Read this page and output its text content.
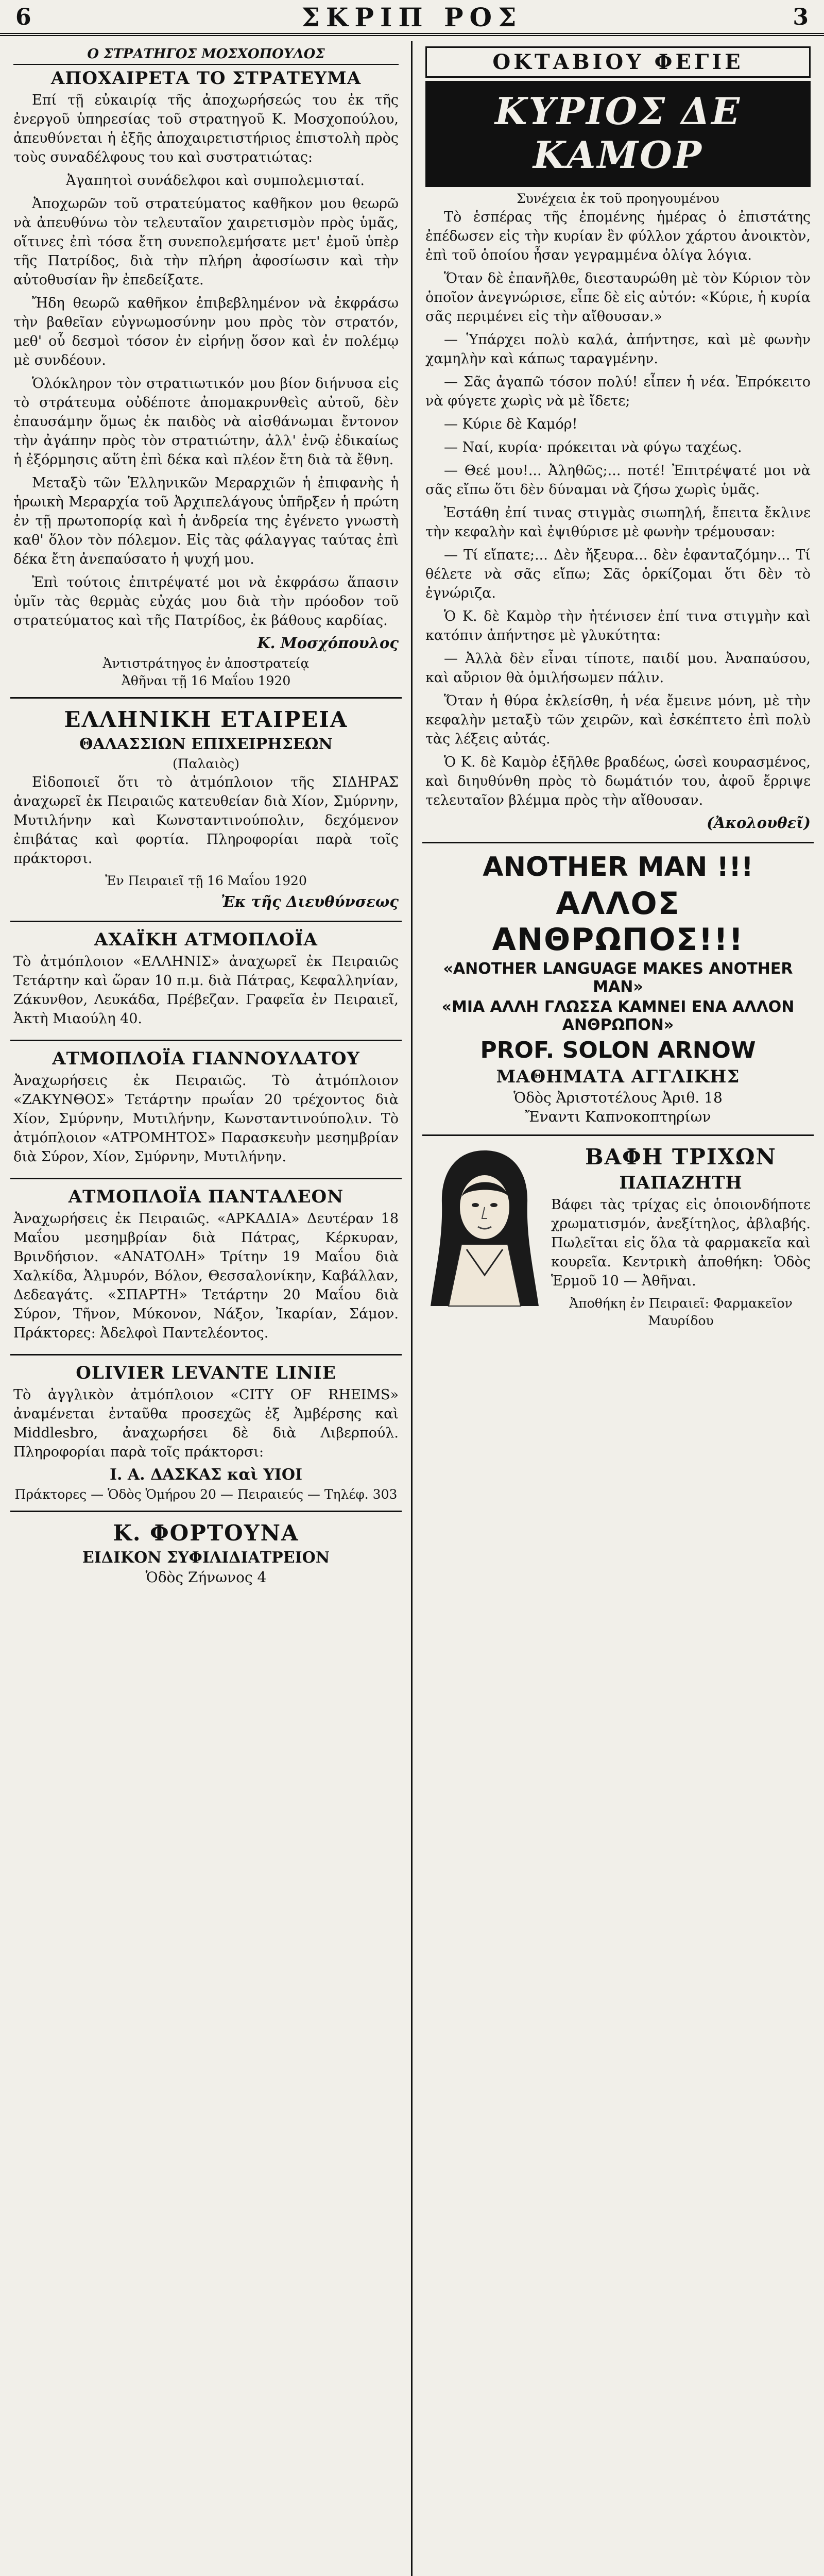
6	ΣΚΡΙΠ ΡΟΣ	3
Ο ΣΤΡΑΤΗΓΟΣ ΜΟΣΧΟΠΟΥΛΟΣ
ΑΠΟΧΑΙΡΕΤΑ ΤΟ ΣΤΡΑΤΕΥΜΑ

Επί τῇ εὐκαιρίᾳ τῆς ἀποχωρήσεώς του ἐκ τῆς ἐνεργοῦ ὑπηρεσίας τοῦ στρατηγοῦ Κ. Μοσχοπούλου, ἀπευθύνεται ἡ ἑξῆς ἀποχαιρετιστήριος ἐπιστολὴ πρὸς τοὺς συναδέλφους του καὶ συστρατιώτας:

Ἀγαπητοὶ συνάδελφοι καὶ συμπολεμισταί.

Ἀποχωρῶν τοῦ στρατεύματος καθῆκον μου θεωρῶ νὰ ἀπευθύνω τὸν τελευταῖον χαιρετισμὸν πρὸς ὑμᾶς, οἵτινες ἐπὶ τόσα ἔτη συνεπολεμήσατε μετ' ἐμοῦ ὑπὲρ τῆς Πατρίδος, διὰ τὴν πλήρη ἀφοσίωσιν καὶ τὴν αὐτοθυσίαν ἣν ἐπεδείξατε.

Ἤδη θεωρῶ καθῆκον ἐπιβεβλημένον νὰ ἐκφράσω τὴν βαθεῖαν εὐγνωμοσύνην μου πρὸς τὸν στρατόν, μεθ' οὗ δεσμοὶ τόσον ἐν εἰρήνῃ ὅσον καὶ ἐν πολέμῳ μὲ συνδέουν.

Ὁλόκληρον τὸν στρατιωτικόν μου βίον διήνυσα εἰς τὸ στράτευμα οὐδέποτε ἀπομακρυνθεὶς αὐτοῦ, δὲν ἐπαυσάμην ὅμως ἐκ παιδὸς νὰ αἰσθάνωμαι ἔντονον τὴν ἀγάπην πρὸς τὸν στρατιώτην, ἀλλ' ἐνῷ ἐδικαίως ἡ ἐξόρμησις αὕτη ἐπὶ δέκα καὶ πλέον ἔτη διὰ τὰ ἔθνη.

Μεταξὺ τῶν Ἑλληνικῶν Μεραρχιῶν ἡ ἐπιφανὴς ἡ ἡρωικὴ Μεραρχία τοῦ Ἀρχιπελάγους ὑπῆρξεν ἡ πρώτη ἐν τῇ πρωτοπορίᾳ καὶ ἡ ἀνδρεία της ἐγένετο γνωστὴ καθ' ὅλον τὸν πόλεμον. Εἰς τὰς φάλαγγας ταύτας ἐπὶ δέκα ἔτη ἀνεπαύσατο ἡ ψυχή μου.

Ἐπὶ τούτοις ἐπιτρέψατέ μοι νὰ ἐκφράσω ἅπασιν ὑμῖν τὰς θερμὰς εὐχάς μου διὰ τὴν πρόοδον τοῦ στρατεύματος καὶ τῆς Πατρίδος, ἐκ βάθους καρδίας.

Κ. Μοσχόπουλος
Ἀντιστράτηγος ἐν ἀποστρατείᾳ
Ἀθῆναι τῇ 16 Μαΐου 1920
ΕΛΛΗΝΙΚΗ ΕΤΑΙΡΕΙΑ
ΘΑΛΑΣΣΙΩΝ ΕΠΙΧΕΙΡΗΣΕΩΝ
(Παλαιὸς)

Εἰδοποιεῖ ὅτι τὸ ἀτμόπλοιον τῆς ΣΙΔΗΡΑΣ ἀναχωρεῖ ἐκ Πειραιῶς κατευθείαν διὰ Χίον, Σμύρνην, Μυτιλήνην καὶ Κωνσταντινούπολιν, δεχόμενον ἐπιβάτας καὶ φορτία. Πληροφορίαι παρὰ τοῖς πράκτορσι.

Ἐν Πειραιεῖ τῇ 16 Μαΐου 1920
Ἐκ τῆς Διευθύνσεως
ΑΧΑΪΚΗ ΑΤΜΟΠΛΟΪΑ

Τὸ ἀτμόπλοιον «ΕΛΛΗΝΙΣ» ἀναχωρεῖ ἐκ Πειραιῶς Τετάρτην καὶ ὥραν 10 π.μ. διὰ Πάτρας, Κεφαλληνίαν, Ζάκυνθον, Λευκάδα, Πρέβεζαν. Γραφεῖα ἐν Πειραιεῖ, Ἀκτὴ Μιαούλη 40.

ΑΤΜΟΠΛΟΪΑ ΓΙΑΝΝΟΥΛΑΤΟΥ

Ἀναχωρήσεις ἐκ Πειραιῶς. Τὸ ἀτμόπλοιον «ΖΑΚΥΝΘΟΣ» Τετάρτην πρωΐαν 20 τρέχοντος διὰ Χίον, Σμύρνην, Μυτιλήνην, Κωνσταντινούπολιν. Τὸ ἀτμόπλοιον «ΑΤΡΟΜΗΤΟΣ» Παρασκευὴν μεσημβρίαν διὰ Σύρον, Χίον, Σμύρνην, Μυτιλήνην.

ΑΤΜΟΠΛΟΪΑ ΠΑΝΤΑΛΕΟΝ

Ἀναχωρήσεις ἐκ Πειραιῶς. «ΑΡΚΑΔΙΑ» Δευτέραν 18 Μαΐου μεσημβρίαν διὰ Πάτρας, Κέρκυραν, Βρινδήσιον. «ΑΝΑΤΟΛΗ» Τρίτην 19 Μαΐου διὰ Χαλκίδα, Ἀλμυρόν, Βόλον, Θεσσαλονίκην, Καβάλλαν, Δεδεαγάτς. «ΣΠΑΡΤΗ» Τετάρτην 20 Μαΐου διὰ Σύρον, Τῆνον, Μύκονον, Νάξον, Ἰκαρίαν, Σάμον. Πράκτορες: Ἀδελφοὶ Παντελέοντος.

OLIVIER LEVANTE LINIE

Τὸ ἀγγλικὸν ἀτμόπλοιον «CITY OF RHEIMS» ἀναμένεται ἐνταῦθα προσεχῶς ἐξ Ἀμβέρσης καὶ Middlesbro, ἀναχωρήσει δὲ διὰ Λιβερπούλ. Πληροφορίαι παρὰ τοῖς πράκτορσι:

Ι. Α. ΔΑΣΚΑΣ καὶ ΥΙΟΙ
Πράκτορες — Ὁδὸς Ὁμήρου 20 — Πειραιεύς — Τηλέφ. 303
Κ. ΦΟΡΤΟΥΝΑ
ΕΙΔΙΚΟΝ ΣΥΦΙΛΙΔΙΑΤΡΕΙΟΝ
Ὁδὸς Ζήνωνος 4
ΟΚΤΑΒΙΟΥ ΦΕΓΙΕ
ΚΥΡΙΟΣ ΔΕ ΚΑΜΟΡ
Συνέχεια ἐκ τοῦ προηγουμένου

Τὸ ἑσπέρας τῆς ἑπομένης ἡμέρας ὁ ἐπιστάτης ἐπέδωσεν εἰς τὴν κυρίαν ἓν φύλλον χάρτου ἀνοικτὸν, ἐπὶ τοῦ ὁποίου ἦσαν γεγραμμένα ὀλίγα λόγια.

Ὅταν δὲ ἐπανῆλθε, διεσταυρώθη μὲ τὸν Κύριον τὸν ὁποῖον ἀνεγνώρισε, εἶπε δὲ εἰς αὐτόν: «Κύριε, ἡ κυρία σᾶς περιμένει εἰς τὴν αἴθουσαν.»

— Ὑπάρχει πολὺ καλά, ἀπήντησε, καὶ μὲ φωνὴν χαμηλὴν καὶ κάπως ταραγμένην.

— Σᾶς ἀγαπῶ τόσον πολύ! εἶπεν ἡ νέα. Ἐπρόκειτο νὰ φύγετε χωρὶς νὰ μὲ ἴδετε;

— Κύριε δὲ Καμόρ!

— Ναί, κυρία· πρόκειται νὰ φύγω ταχέως.

— Θεέ μου!... Ἀληθῶς;... ποτέ! Ἐπιτρέψατέ μοι νὰ σᾶς εἴπω ὅτι δὲν δύναμαι νὰ ζήσω χωρὶς ὑμᾶς.

Ἐστάθη ἐπί τινας στιγμὰς σιωπηλή, ἔπειτα ἔκλινε τὴν κεφαλὴν καὶ ἐψιθύρισε μὲ φωνὴν τρέμουσαν:

— Τί εἴπατε;... Δὲν ἤξευρα... δὲν ἐφανταζόμην... Τί θέλετε νὰ σᾶς εἴπω; Σᾶς ὁρκίζομαι ὅτι δὲν τὸ ἐγνώριζα.

Ὁ Κ. δὲ Καμὸρ τὴν ἠτένισεν ἐπί τινα στιγμὴν καὶ κατόπιν ἀπήντησε μὲ γλυκύτητα:

— Ἀλλὰ δὲν εἶναι τίποτε, παιδί μου. Ἀναπαύσου, καὶ αὔριον θὰ ὁμιλήσωμεν πάλιν.

Ὅταν ἡ θύρα ἐκλείσθη, ἡ νέα ἔμεινε μόνη, μὲ τὴν κεφαλὴν μεταξὺ τῶν χειρῶν, καὶ ἐσκέπτετο ἐπὶ πολὺ τὰς λέξεις αὐτάς.

Ὁ Κ. δὲ Καμὸρ ἐξῆλθε βραδέως, ὡσεὶ κουρασμένος, καὶ διηυθύνθη πρὸς τὸ δωμάτιόν του, ἀφοῦ ἔρριψε τελευταῖον βλέμμα πρὸς τὴν αἴθουσαν.

(Ἀκολουθεῖ)
ANOTHER MAN !!!
ΑΛΛΟΣ ΑΝΘΡΩΠΟΣ!!!
«ANOTHER LANGUAGE MAKES ANOTHER MAN»
«ΜΙΑ ΑΛΛΗ ΓΛΩΣΣΑ ΚΑΜΝΕΙ ΕΝΑ ΑΛΛΟΝ ΑΝΘΡΩΠΟΝ»
PROF. SOLON ARNOW
ΜΑΘΗΜΑΤΑ ΑΓΓΛΙΚΗΣ
Ὁδὸς Ἀριστοτέλους Ἀριθ. 18
Ἔναντι Καπνοκοπτηρίων
ΒΑΦΗ ΤΡΙΧΩΝ
ΠΑΠΑΖΗΤΗ

Βάφει τὰς τρίχας εἰς ὁποιονδήποτε χρωματισμόν, ἀνεξίτηλος, ἀβλαβής. Πωλεῖται εἰς ὅλα τὰ φαρμακεῖα καὶ κουρεῖα. Κεντρικὴ ἀποθήκη: Ὁδὸς Ἑρμοῦ 10 — Ἀθῆναι.

Ἀποθήκη ἐν Πειραιεῖ: Φαρμακεῖον Μαυρίδου
